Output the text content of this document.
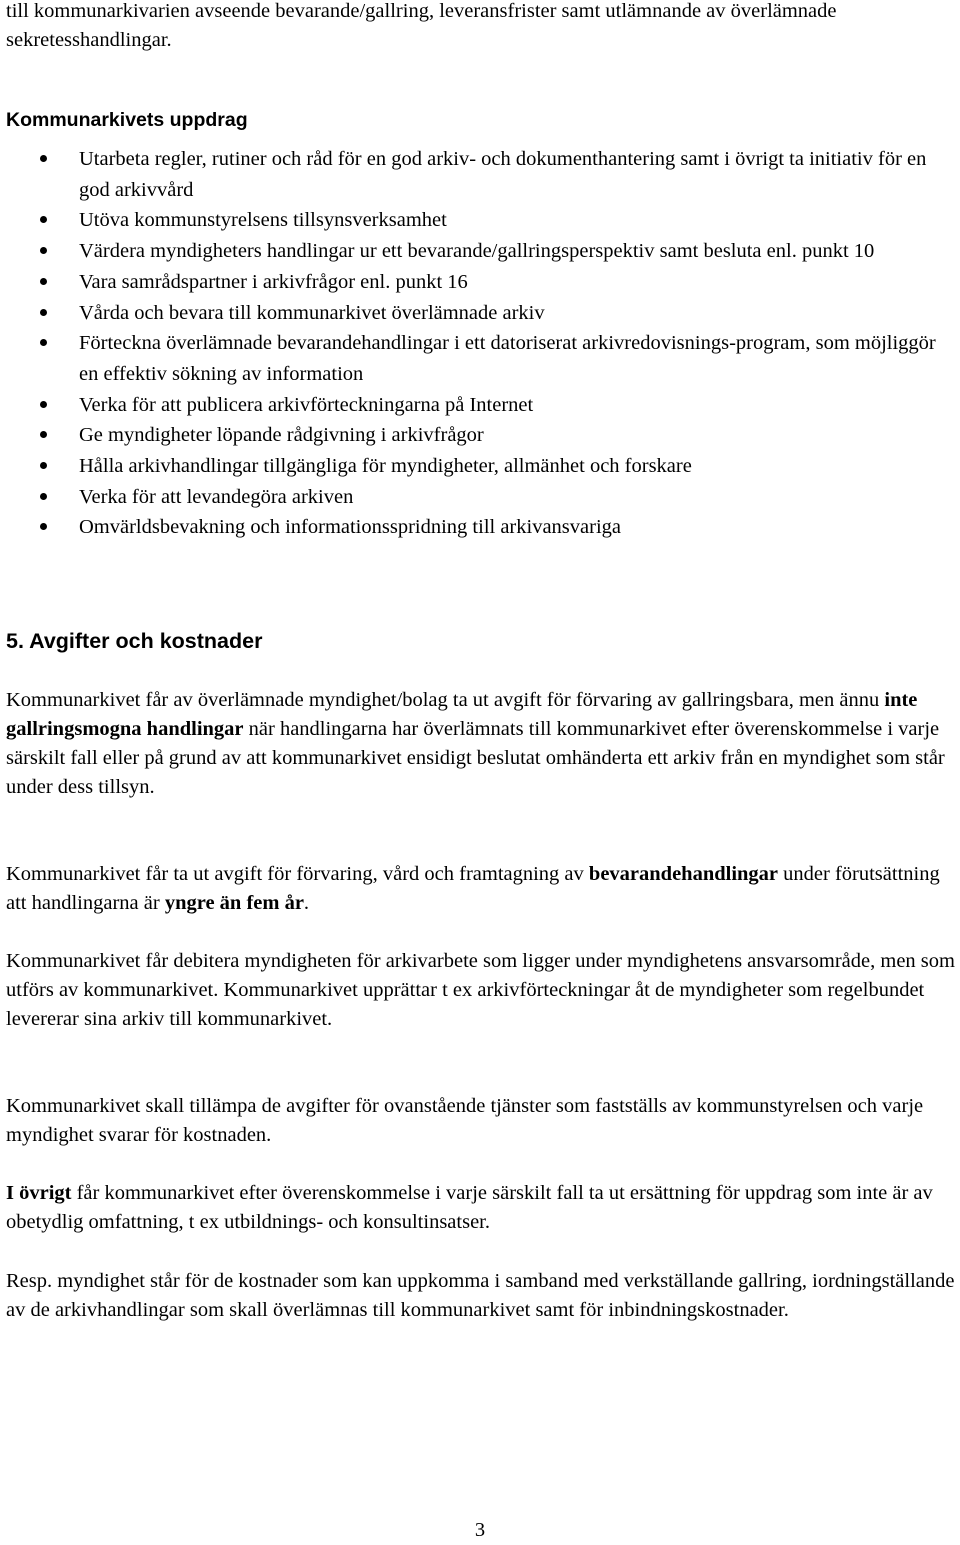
till kommunarkivarien avseende bevarande/gallring, leveransfrister samt utlämnande av överlämnade sekretesshandlingar.

Kommunarkivets uppdrag
Utarbeta regler, rutiner och råd för en god arkiv- och dokumenthantering samt i övrigt ta initiativ för en god arkivvård
Utöva kommunstyrelsens tillsynsverksamhet
Värdera myndigheters handlingar ur ett bevarande/gallringsperspektiv samt besluta enl. punkt 10
Vara samrådspartner i arkivfrågor enl. punkt 16
Vårda och bevara till kommunarkivet överlämnade arkiv
Förteckna överlämnade bevarandehandlingar i ett datoriserat arkivredovisnings-program, som möjliggör en effektiv sökning av information
Verka för att publicera arkivförteckningarna på Internet
Ge myndigheter löpande rådgivning i arkivfrågor
Hålla arkivhandlingar tillgängliga för myndigheter, allmänhet och forskare
Verka för att levandegöra arkiven
Omvärldsbevakning och informationsspridning till arkivansvariga
5. Avgifter och kostnader

Kommunarkivet får av överlämnade myndighet/bolag ta ut avgift för förvaring av gallringsbara, men ännu inte gallringsmogna handlingar när handlingarna har överlämnats till kommunarkivet efter överenskommelse i varje särskilt fall eller på grund av att kommunarkivet ensidigt beslutat omhänderta ett arkiv från en myndighet som står under dess tillsyn.

Kommunarkivet får ta ut avgift för förvaring, vård och framtagning av bevarandehandlingar under förutsättning att handlingarna är yngre än fem år.

Kommunarkivet får debitera myndigheten för arkivarbete som ligger under myndighetens ansvarsområde, men som utförs av kommunarkivet. Kommunarkivet upprättar t ex arkivförteckningar åt de myndigheter som regelbundet levererar sina arkiv till kommunarkivet.

Kommunarkivet skall tillämpa de avgifter för ovanstående tjänster som fastställs av kommunstyrelsen och varje myndighet svarar för kostnaden.

I övrigt får kommunarkivet efter överenskommelse i varje särskilt fall ta ut ersättning för uppdrag som inte är av obetydlig omfattning, t ex utbildnings- och konsultinsatser.

Resp. myndighet står för de kostnader som kan uppkomma i samband med verkställande gallring, iordningställande av de arkivhandlingar som skall överlämnas till kommunarkivet samt för inbindningskostnader.

3
